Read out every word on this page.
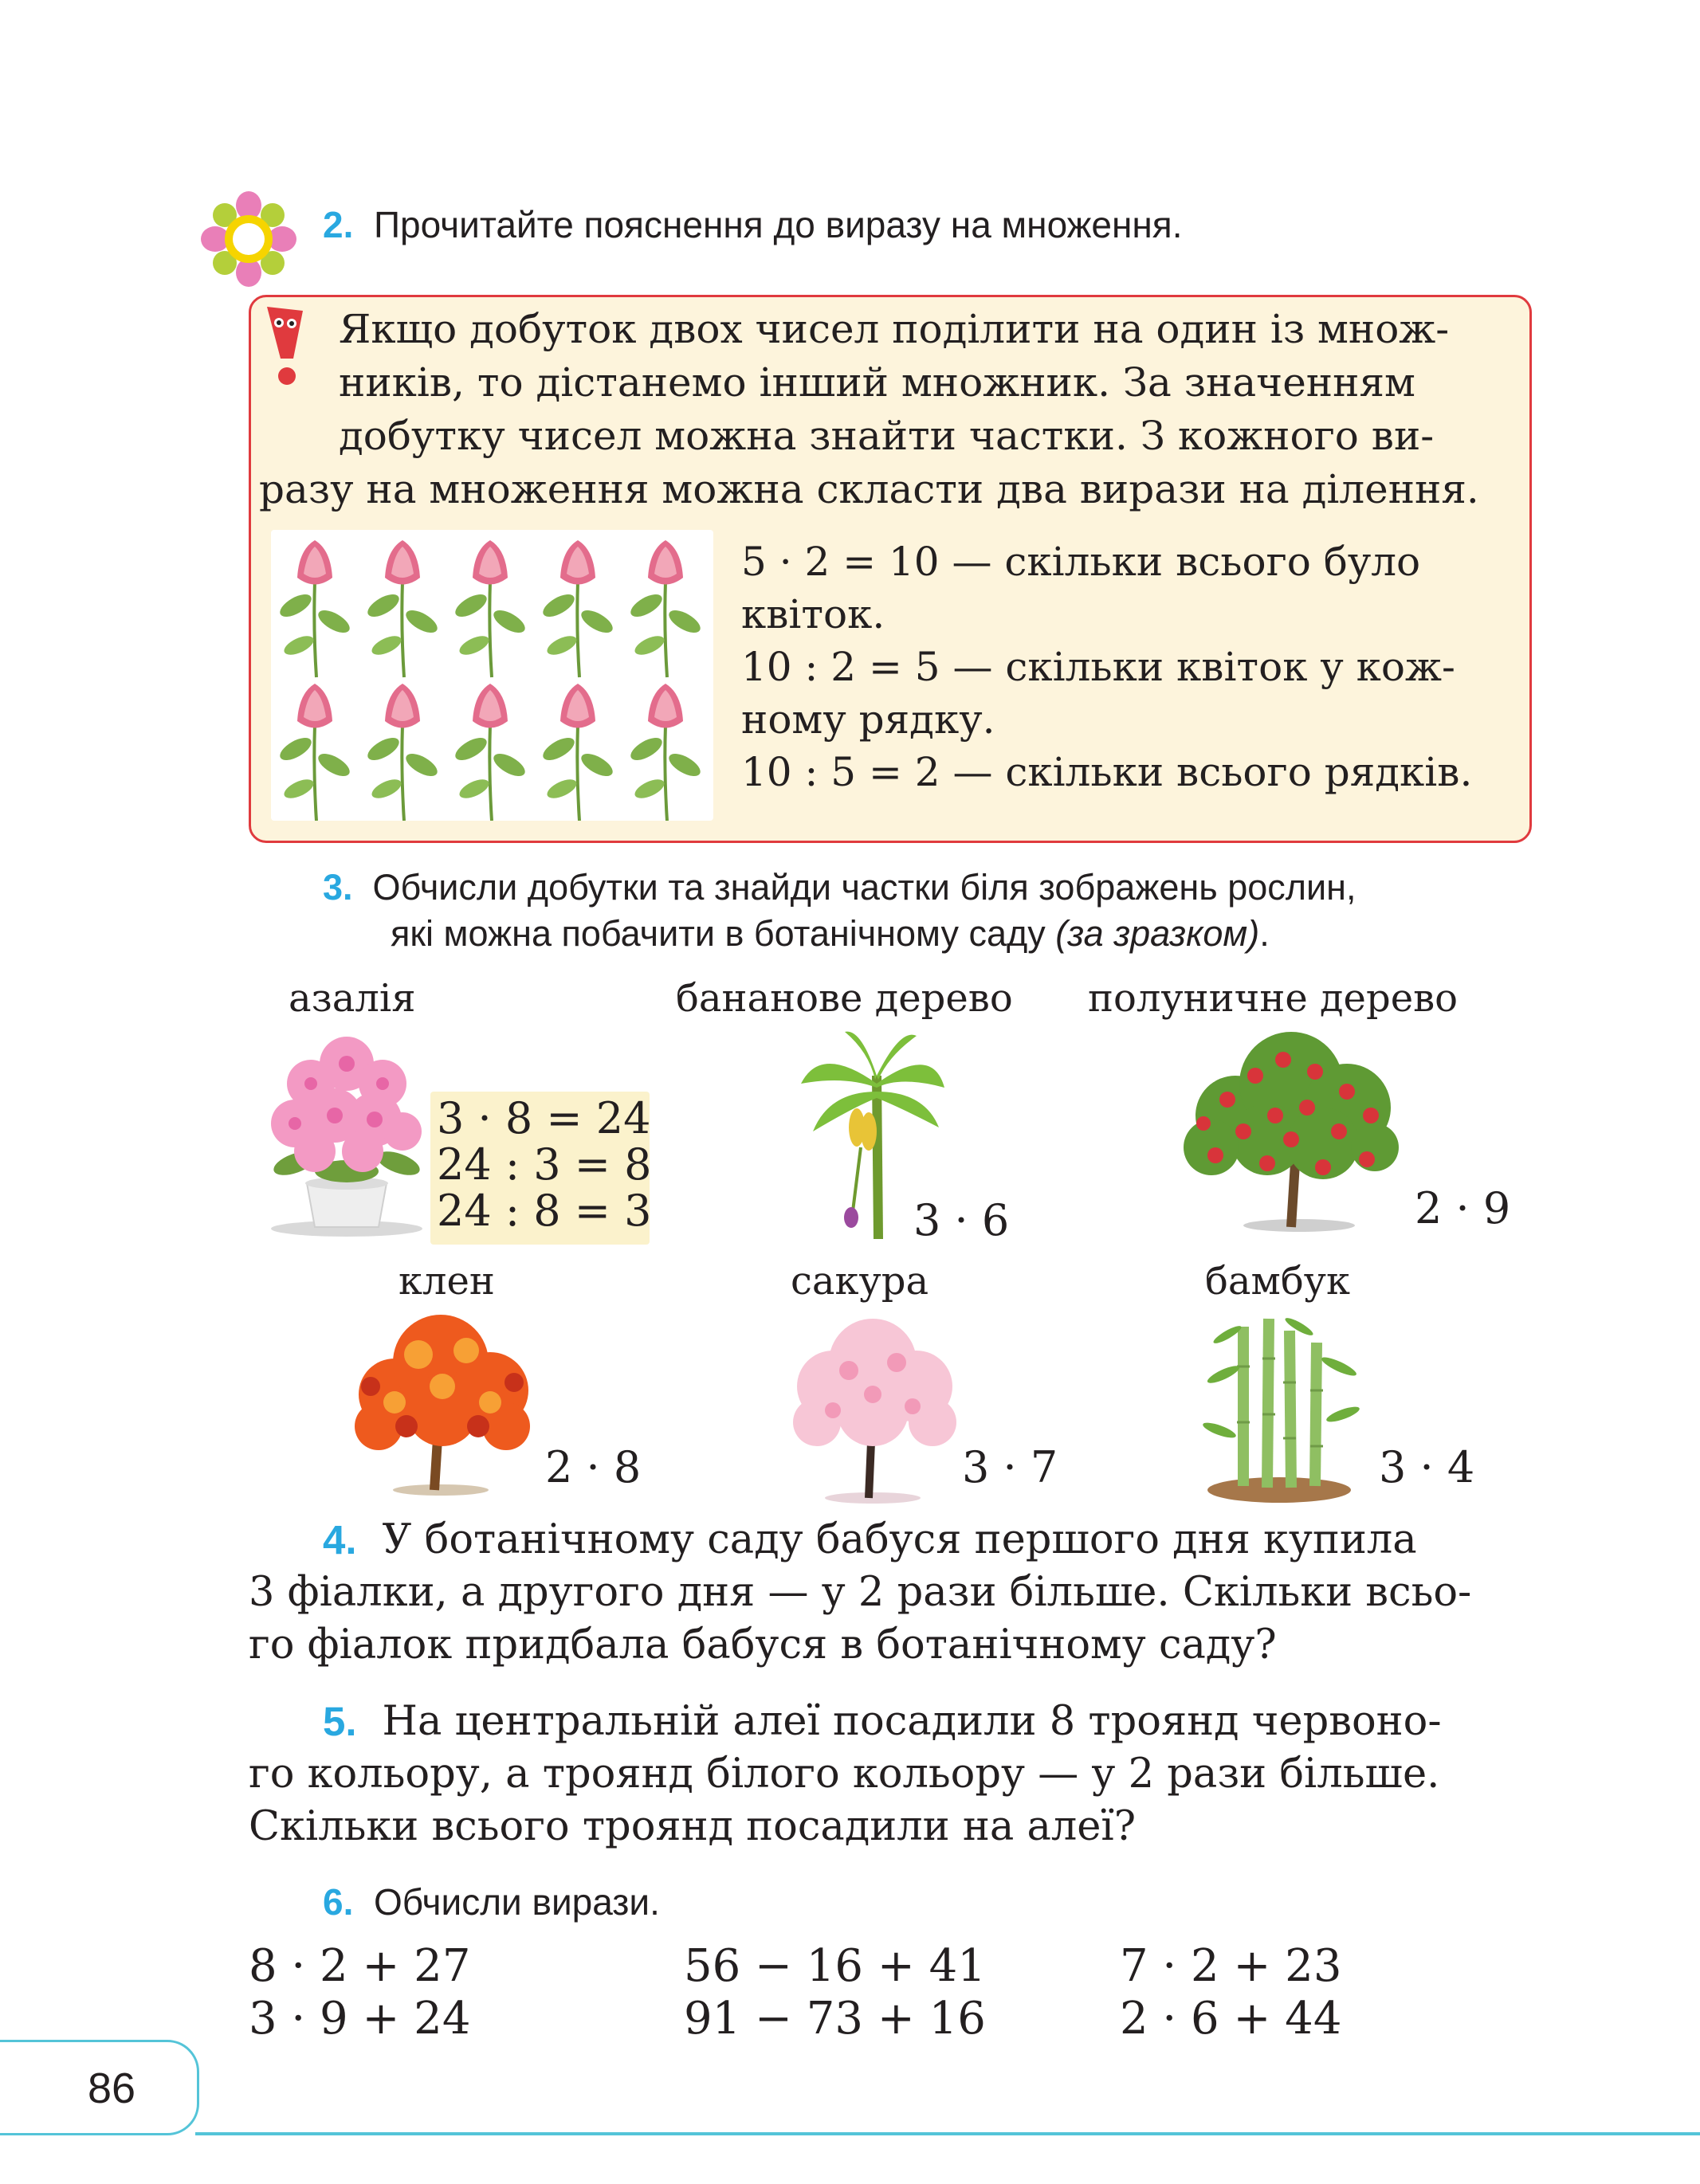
2. Прочитайте пояснення до виразу на множення.
Якщо добуток двох чисел поділити на один із множ-
ників, то дістанемо інший множник. За значенням
добутку чисел можна знайти частки. З кожного ви-
разу на множення можна скласти два вирази на ділення.
5 · 2 = 10 — скільки всього було
квіток.
10 : 2 = 5 — скільки квіток у кож-
ному рядку.
10 : 5 = 2 — скільки всього рядків.
3. Обчисли добутки та знайди частки біля зображень рослин,
які можна побачити в ботанічному саду (за зразком).
азалія	бананове дерево полуничне дерево
клен	сакура	бамбук
3 · 8 = 24
24 : 3 = 8
24 : 8 = 3	3 · 6	2 · 9
2 · 8	3 · 7	3 · 4
4. У ботанічному саду бабуся першого дня купила
3 фіалки, а другого дня — у 2 рази більше. Скільки всьо-
го фіалок придбала бабуся в ботанічному саду?
5. На центральній алеї посадили 8 троянд червоно-
го кольору, а троянд білого кольору — у 2 рази більше.
Скільки всього троянд посадили на алеї?
6. Обчисли вирази.
8 · 2 + 27
3 · 9 + 24
56 − 16 + 41
91 − 73 + 16
7 · 2 + 23
2 · 6 + 44
86
